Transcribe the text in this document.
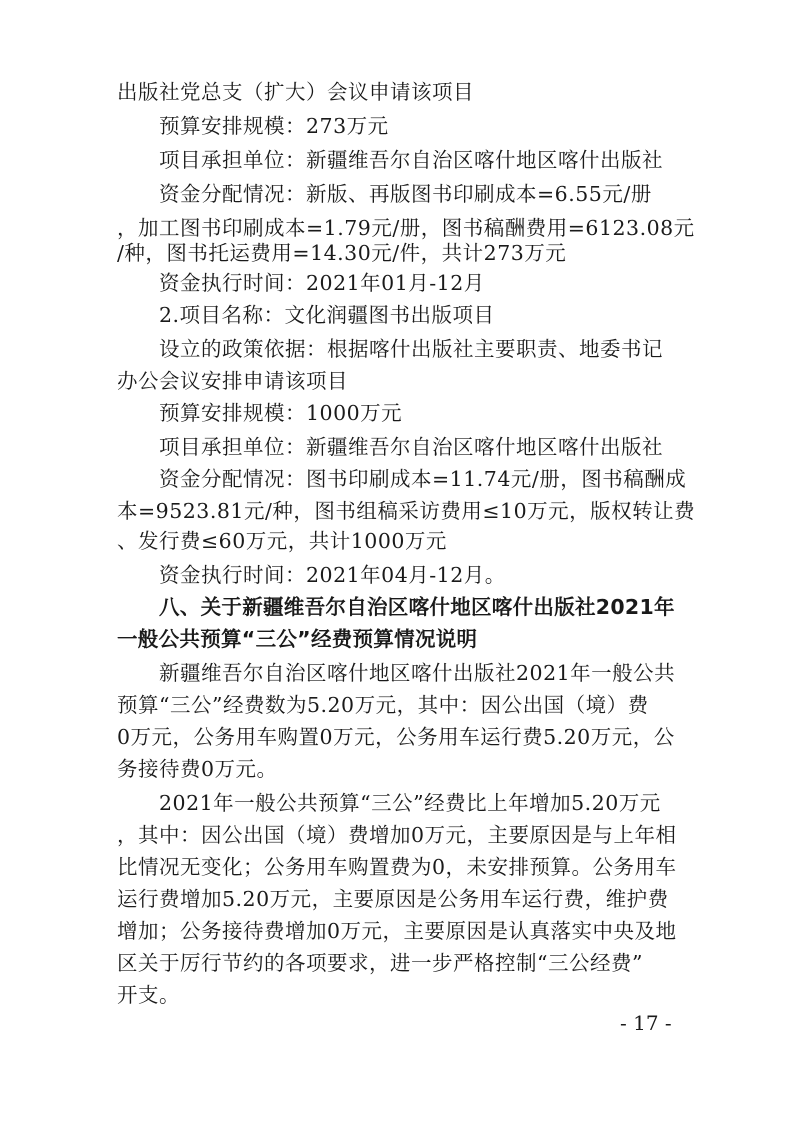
出版社党总支（扩大）会议申请该项目
预算安排规模：273万元
项目承担单位：新疆维吾尔自治区喀什地区喀什出版社
资金分配情况：新版、再版图书印刷成本=6.55元/册
，加工图书印刷成本=1.79元/册，图书稿酬费用=6123.08元
/种，图书托运费用=14.30元/件，共计273万元
资金执行时间：2021年01月-12月
2.项目名称：文化润疆图书出版项目
设立的政策依据：根据喀什出版社主要职责、地委书记
办公会议安排申请该项目
预算安排规模：1000万元
项目承担单位：新疆维吾尔自治区喀什地区喀什出版社
资金分配情况：图书印刷成本=11.74元/册，图书稿酬成
本=9523.81元/种，图书组稿采访费用≤10万元，版权转让费
、发行费≤60万元，共计1000万元
资金执行时间：2021年04月-12月。
八、关于新疆维吾尔自治区喀什地区喀什出版社2021年
一般公共预算“三公”经费预算情况说明
新疆维吾尔自治区喀什地区喀什出版社2021年一般公共
预算“三公”经费数为5.20万元，其中：因公出国（境）费
0万元，公务用车购置0万元，公务用车运行费5.20万元，公
务接待费0万元。
2021年一般公共预算“三公”经费比上年增加5.20万元
，其中：因公出国（境）费增加0万元，主要原因是与上年相
比情况无变化；公务用车购置费为0，未安排预算。公务用车
运行费增加5.20万元，主要原因是公务用车运行费，维护费
增加；公务接待费增加0万元，主要原因是认真落实中央及地
区关于厉行节约的各项要求，进一步严格控制“三公经费”
开支。
- 17 -
